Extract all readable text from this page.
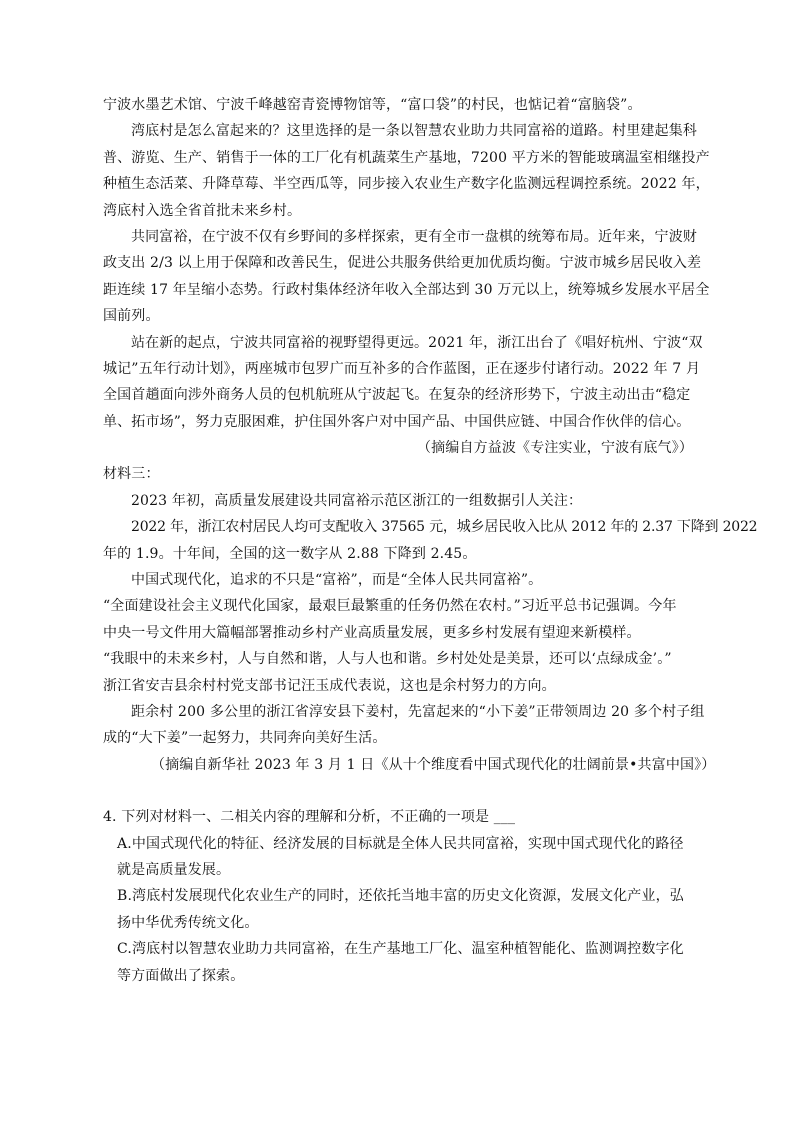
宁波水墨艺术馆、宁波千峰越窑青瓷博物馆等，“富口袋”的村民，也惦记着“富脑袋”。
湾底村是怎么富起来的？这里选择的是一条以智慧农业助力共同富裕的道路。村里建起集科
普、游览、生产、销售于一体的工厂化有机蔬菜生产基地，7200 平方米的智能玻璃温室相继投产
种植生态活菜、升降草莓、半空西瓜等，同步接入农业生产数字化监测远程调控系统。2022 年，
湾底村入选全省首批未来乡村。
共同富裕，在宁波不仅有乡野间的多样探索，更有全市一盘棋的统筹布局。近年来，宁波财
政支出 2/3 以上用于保障和改善民生，促进公共服务供给更加优质均衡。宁波市城乡居民收入差
距连续 17 年呈缩小态势。行政村集体经济年收入全部达到 30 万元以上，统筹城乡发展水平居全
国前列。
站在新的起点，宁波共同富裕的视野望得更远。2021 年，浙江出台了《唱好杭州、宁波“双
城记”五年行动计划》，两座城市包罗广而互补多的合作蓝图，正在逐步付诸行动。2022 年 7 月
全国首趟面向涉外商务人员的包机航班从宁波起飞。在复杂的经济形势下，宁波主动出击“稳定
单、拓市场”，努力克服困难，护住国外客户对中国产品、中国供应链、中国合作伙伴的信心。
（摘编自方益波《专注实业，宁波有底气》）
材料三：
2023 年初，高质量发展建设共同富裕示范区浙江的一组数据引人关注：
2022 年，浙江农村居民人均可支配收入 37565 元，城乡居民收入比从 2012 年的 2.37 下降到 2022
年的 1.9。十年间，全国的这一数字从 2.88 下降到 2.45。
中国式现代化，追求的不只是“富裕”，而是“全体人民共同富裕”。
“全面建设社会主义现代化国家，最艰巨最繁重的任务仍然在农村。”习近平总书记强调。今年
中央一号文件用大篇幅部署推动乡村产业高质量发展，更多乡村发展有望迎来新模样。
“我眼中的未来乡村，人与自然和谐，人与人也和谐。乡村处处是美景，还可以‘点绿成金’。”
浙江省安吉县余村村党支部书记汪玉成代表说，这也是余村努力的方向。
距余村 200 多公里的浙江省淳安县下姜村，先富起来的“小下姜”正带领周边 20 多个村子组
成的“大下姜”一起努力，共同奔向美好生活。
（摘编自新华社 2023 年 3 月 1 日《从十个维度看中国式现代化的壮阔前景•共富中国》）
4. 下列对材料一、二相关内容的理解和分析，不正确的一项是 ___
A.中国式现代化的特征、经济发展的目标就是全体人民共同富裕，实现中国式现代化的路径
就是高质量发展。
B.湾底村发展现代化农业生产的同时，还依托当地丰富的历史文化资源，发展文化产业，弘
扬中华优秀传统文化。
C.湾底村以智慧农业助力共同富裕，在生产基地工厂化、温室种植智能化、监测调控数字化
等方面做出了探索。
